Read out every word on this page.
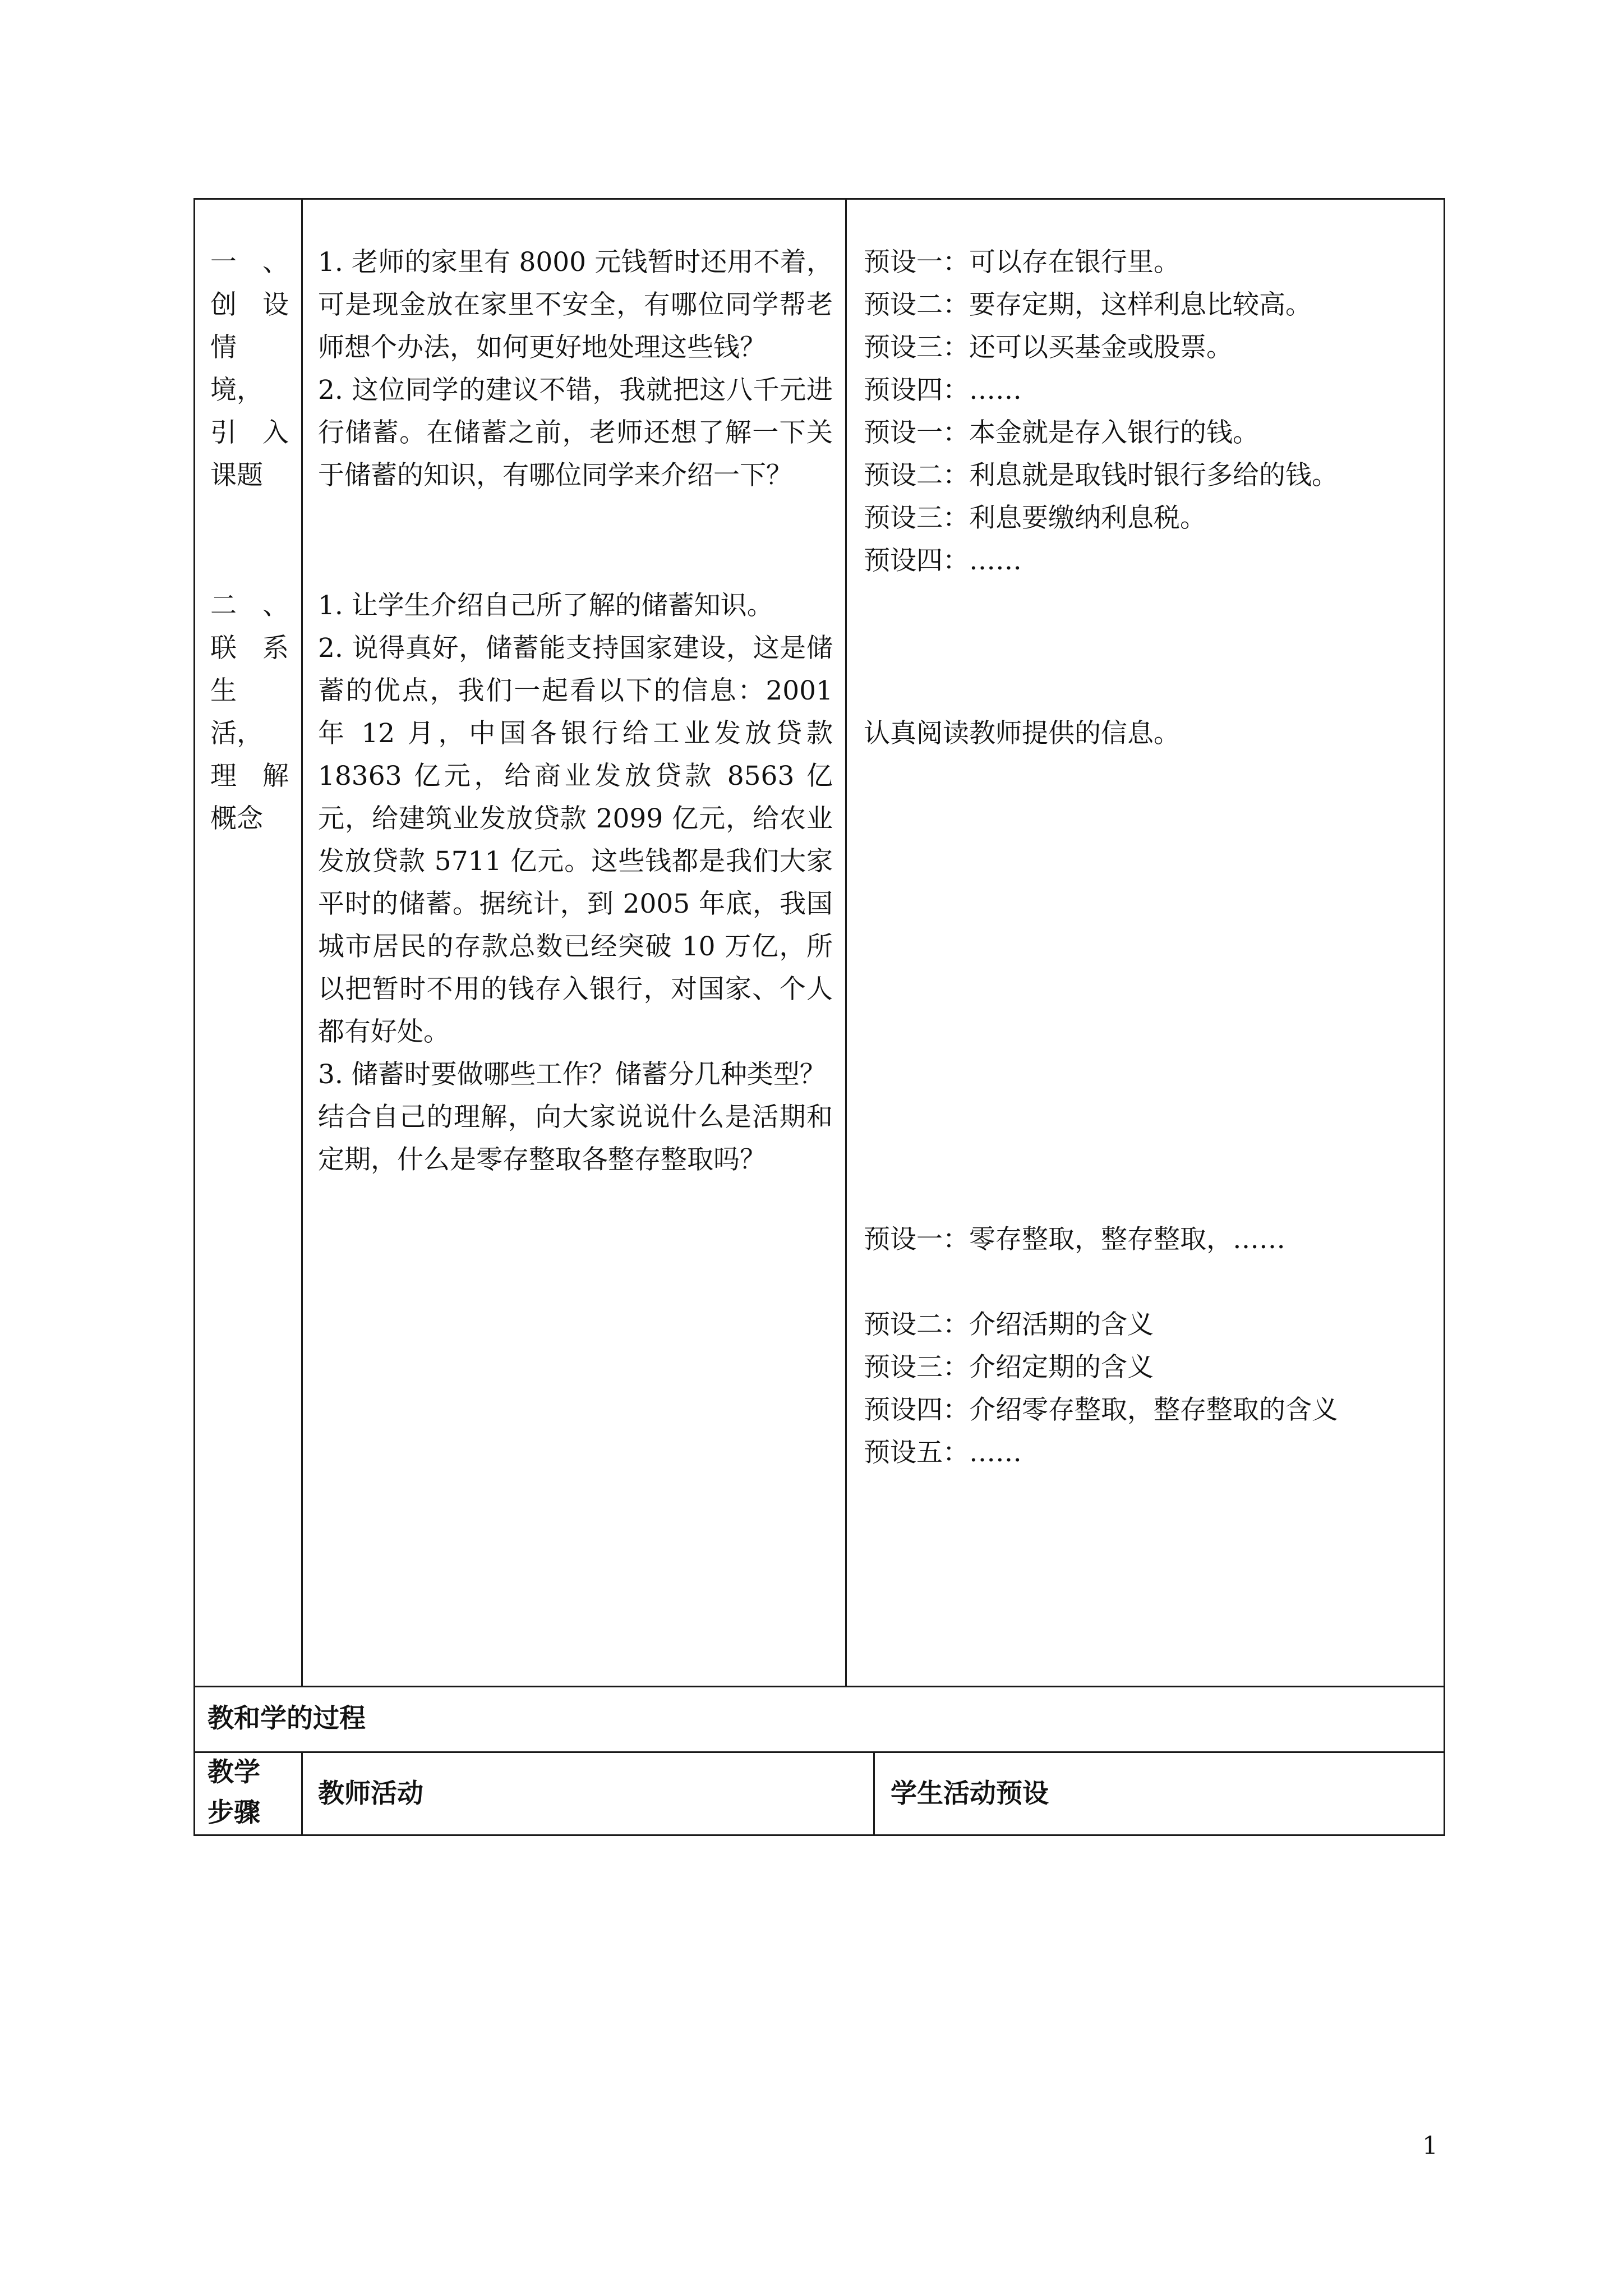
一 、
创 设
情境，
引 入
课题
二 、
联 系
生活，
理 解
概念

1. 老师的家里有 8000 元钱暂时还用不着，可是现金放在家里不安全，有哪位同学帮老师想个办法，如何更好地处理这些钱？

2. 这位同学的建议不错，我就把这八千元进行储蓄。在储蓄之前，老师还想了解一下关于储蓄的知识，有哪位同学来介绍一下？

1. 让学生介绍自己所了解的储蓄知识。

2. 说得真好，储蓄能支持国家建设，这是储蓄的优点，我们一起看以下的信息：2001 年 12 月，中国各银行给工业发放贷款 18363 亿元，给商业发放贷款 8563 亿元，给建筑业发放贷款 2099 亿元，给农业发放贷款 5711 亿元。这些钱都是我们大家平时的储蓄。据统计，到 2005 年底，我国城市居民的存款总数已经突破 10 万亿，所以把暂时不用的钱存入银行，对国家、个人都有好处。

3. 储蓄时要做哪些工作？储蓄分几种类型？

结合自己的理解，向大家说说什么是活期和定期，什么是零存整取各整存整取吗？

预设一：可以存在银行里。

预设二：要存定期，这样利息比较高。

预设三：还可以买基金或股票。

预设四：……

预设一：本金就是存入银行的钱。

预设二：利息就是取钱时银行多给的钱。

预设三：利息要缴纳利息税。

预设四：……

认真阅读教师提供的信息。

预设一：零存整取，整存整取，……

预设二：介绍活期的含义

预设三：介绍定期的含义

预设四：介绍零存整取，整存整取的含义

预设五：……

教和学的过程
教学步骤
教师活动	学生活动预设
1
